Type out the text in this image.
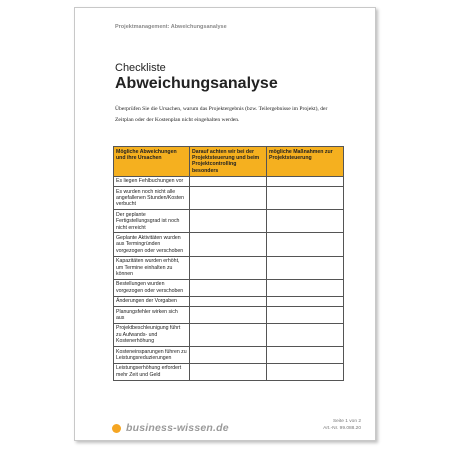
Projektmanagement: Abweichungsanalyse
Checkliste
Abweichungsanalyse
Überprüfen Sie die Ursachen, warum das Projektergebnis (bzw. Teilergebnisse im Projekt), der Zeitplan oder der Kostenplan nicht eingehalten werden.
Mögliche Abweichungen und ihre Ursachen	Darauf achten wir bei der Projektsteuerung und beim Projektcontrolling besonders	mögliche Maßnahmen zur Projektsteuerung
Es liegen Fehlbuchungen vor		
Es wurden noch nicht alle angefallenen Stunden/Kosten verbucht		
Der geplante Fertigstellungsgrad ist noch nicht erreicht		
Geplante Aktivitäten wurden aus Termingründen vorgezogen oder verschoben		
Kapazitäten wurden erhöht, um Termine einhalten zu können		
Bestellungen wurden vorgezogen oder verschoben		
Änderungen der Vorgaben		
Planungsfehler wirken sich aus		
Projektbeschleunigung führt zu Aufwands- und Kostenerhöhung		
Kosteneinsparungen führen zu Leistungsreduzierungen		
Leistungserhöhung erfordert mehr Zeit und Geld		
business-wissen.de
Seite 1 von 2
Art.-Nr. 99.088.20
